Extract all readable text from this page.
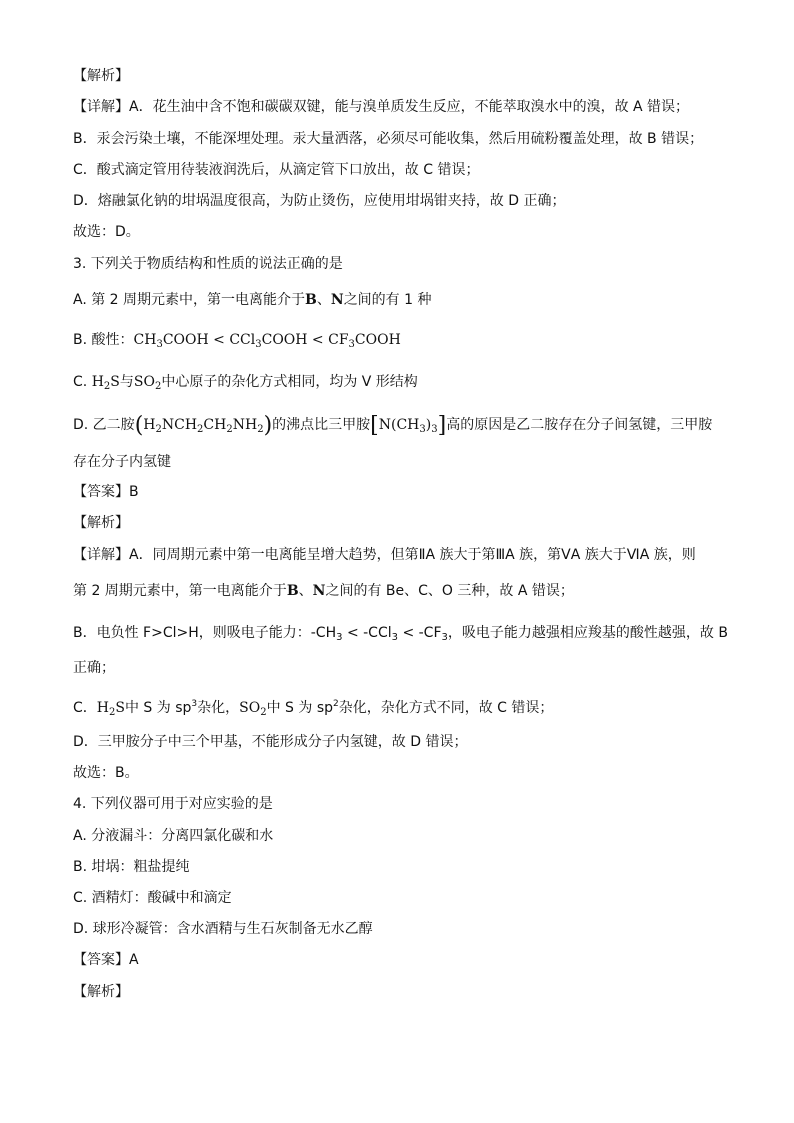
【解析】
【详解】A．花生油中含不饱和碳碳双键，能与溴单质发生反应，不能萃取溴水中的溴，故 A 错误；
B．汞会污染土壤，不能深埋处理。汞大量洒落，必须尽可能收集，然后用硫粉覆盖处理，故 B 错误；
C．酸式滴定管用待装液润洗后，从滴定管下口放出，故 C 错误；
D．熔融氯化钠的坩埚温度很高，为防止烫伤，应使用坩埚钳夹持，故 D 正确；
故选：D。
3. 下列关于物质结构和性质的说法正确的是
A. 第 2 周期元素中，第一电离能介于B、N之间的有 1 种
B. 酸性：$CH_3COOH$ < CCl$_3$COOH < $CF_3COOH$
C. $H_2S$与$SO_2$中心原子的杂化方式相同，均为 V 形结构
D. 乙二胺$(H_2NCH_2CH_2NH_2)$的沸点比三甲胺$[N(CH_3)_3]$高的原因是乙二胺存在分子间氢键，三甲胺
存在分子内氢键
【答案】B
【解析】
【详解】A．同周期元素中第一电离能呈增大趋势，但第ⅡA 族大于第ⅢA 族，第ⅤA 族大于ⅥA 族，则
第 2 周期元素中，第一电离能介于B、N之间的有 Be、C、O 三种，故 A 错误；
B．电负性 F>Cl>H，则吸电子能力：$-CH_3 < -CCl_3 < -CF_3$，吸电子能力越强相应羧基的酸性越强，故 B
正确；
C．$H_2S$中 S 为 $sp^3$杂化，$SO_2$中 S 为 $sp^2$杂化，杂化方式不同，故 C 错误；
D．三甲胺分子中三个甲基，不能形成分子内氢键，故 D 错误；
故选：B。
4. 下列仪器可用于对应实验的是
A. 分液漏斗：分离四氯化碳和水
B. 坩埚：粗盐提纯
C. 酒精灯：酸碱中和滴定
D. 球形冷凝管：含水酒精与生石灰制备无水乙醇
【答案】A
【解析】
